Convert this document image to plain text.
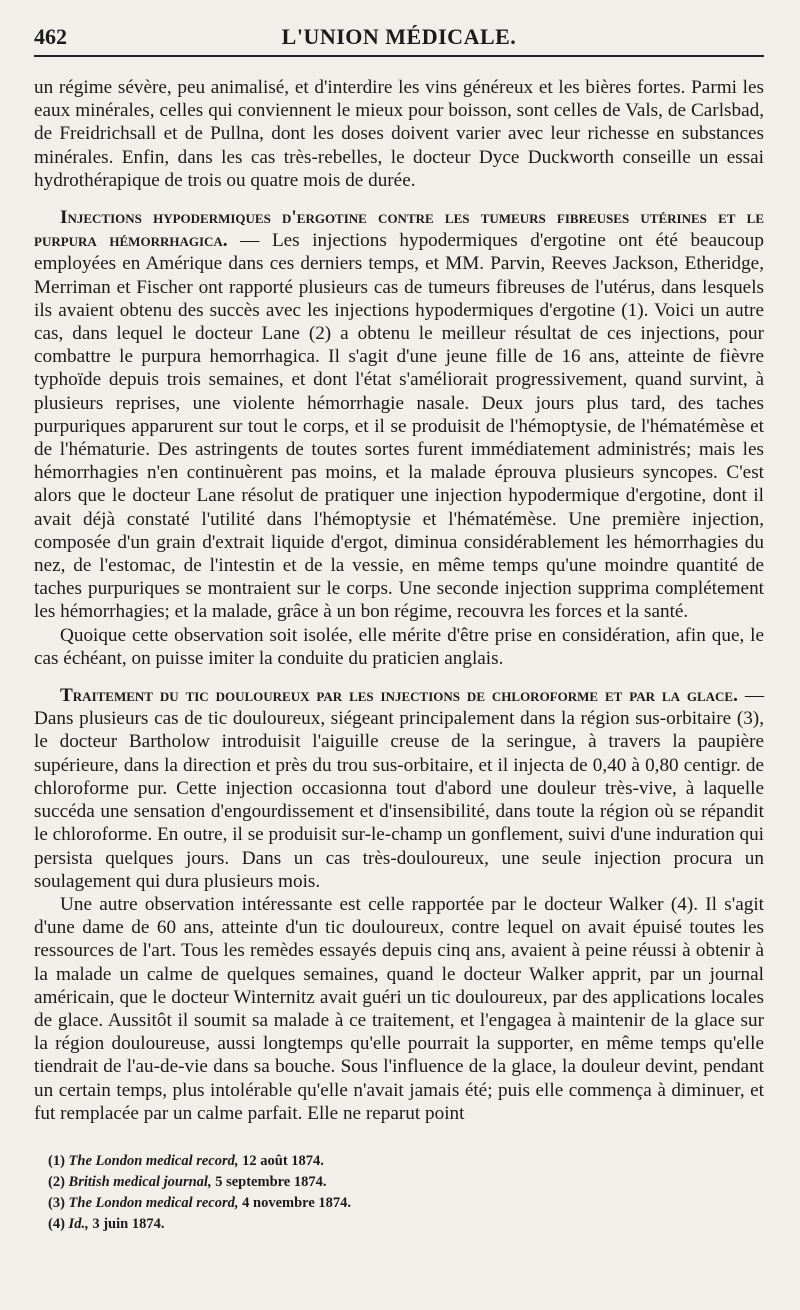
462	L'UNION MÉDICALE.

un régime sévère, peu animalisé, et d'interdire les vins généreux et les bières fortes. Parmi les eaux minérales, celles qui conviennent le mieux pour boisson, sont celles de Vals, de Carlsbad, de Freidrichsall et de Pullna, dont les doses doivent varier avec leur richesse en substances minérales. Enfin, dans les cas très-rebelles, le docteur Dyce Duckworth conseille un essai hydrothérapique de trois ou quatre mois de durée.

Injections hypodermiques d'ergotine contre les tumeurs fibreuses utérines et le purpura hémorrhagica. — Les injections hypodermiques d'ergotine ont été beaucoup employées en Amérique dans ces derniers temps, et MM. Parvin, Reeves Jackson, Etheridge, Merriman et Fischer ont rapporté plusieurs cas de tumeurs fibreuses de l'utérus, dans lesquels ils avaient obtenu des succès avec les injections hypodermiques d'ergotine (1). Voici un autre cas, dans lequel le docteur Lane (2) a obtenu le meilleur résultat de ces injections, pour combattre le purpura hemorrhagica. Il s'agit d'une jeune fille de 16 ans, atteinte de fièvre typhoïde depuis trois semaines, et dont l'état s'améliorait progressivement, quand survint, à plusieurs reprises, une violente hémorrhagie nasale. Deux jours plus tard, des taches purpuriques apparurent sur tout le corps, et il se produisit de l'hémoptysie, de l'hématémèse et de l'hématurie. Des astringents de toutes sortes furent immédiatement administrés; mais les hémorrhagies n'en continuèrent pas moins, et la malade éprouva plusieurs syncopes. C'est alors que le docteur Lane résolut de pratiquer une injection hypodermique d'ergotine, dont il avait déjà constaté l'utilité dans l'hémoptysie et l'hématémèse. Une première injection, composée d'un grain d'extrait liquide d'ergot, diminua considérablement les hémorrhagies du nez, de l'estomac, de l'intestin et de la vessie, en même temps qu'une moindre quantité de taches purpuriques se montraient sur le corps. Une seconde injection supprima complétement les hémorrhagies; et la malade, grâce à un bon régime, recouvra les forces et la santé.

Quoique cette observation soit isolée, elle mérite d'être prise en considération, afin que, le cas échéant, on puisse imiter la conduite du praticien anglais.

Traitement du tic douloureux par les injections de chloroforme et par la glace. — Dans plusieurs cas de tic douloureux, siégeant principalement dans la région sus-orbitaire (3), le docteur Bartholow introduisit l'aiguille creuse de la seringue, à travers la paupière supérieure, dans la direction et près du trou sus-orbitaire, et il injecta de 0,40 à 0,80 centigr. de chloroforme pur. Cette injection occasionna tout d'abord une douleur très-vive, à laquelle succéda une sensation d'engourdissement et d'insensibilité, dans toute la région où se répandit le chloroforme. En outre, il se produisit sur-le-champ un gonflement, suivi d'une induration qui persista quelques jours. Dans un cas très-douloureux, une seule injection procura un soulagement qui dura plusieurs mois.

Une autre observation intéressante est celle rapportée par le docteur Walker (4). Il s'agit d'une dame de 60 ans, atteinte d'un tic douloureux, contre lequel on avait épuisé toutes les ressources de l'art. Tous les remèdes essayés depuis cinq ans, avaient à peine réussi à obtenir à la malade un calme de quelques semaines, quand le docteur Walker apprit, par un journal américain, que le docteur Winternitz avait guéri un tic douloureux, par des applications locales de glace. Aussitôt il soumit sa malade à ce traitement, et l'engagea à maintenir de la glace sur la région douloureuse, aussi longtemps qu'elle pourrait la supporter, en même temps qu'elle tiendrait de l'au-de-vie dans sa bouche. Sous l'influence de la glace, la douleur devint, pendant un certain temps, plus intolérable qu'elle n'avait jamais été; puis elle commença à diminuer, et fut remplacée par un calme parfait. Elle ne reparut point

(1) The London medical record, 12 août 1874.
(2) British medical journal, 5 septembre 1874.
(3) The London medical record, 4 novembre 1874.
(4) Id., 3 juin 1874.
